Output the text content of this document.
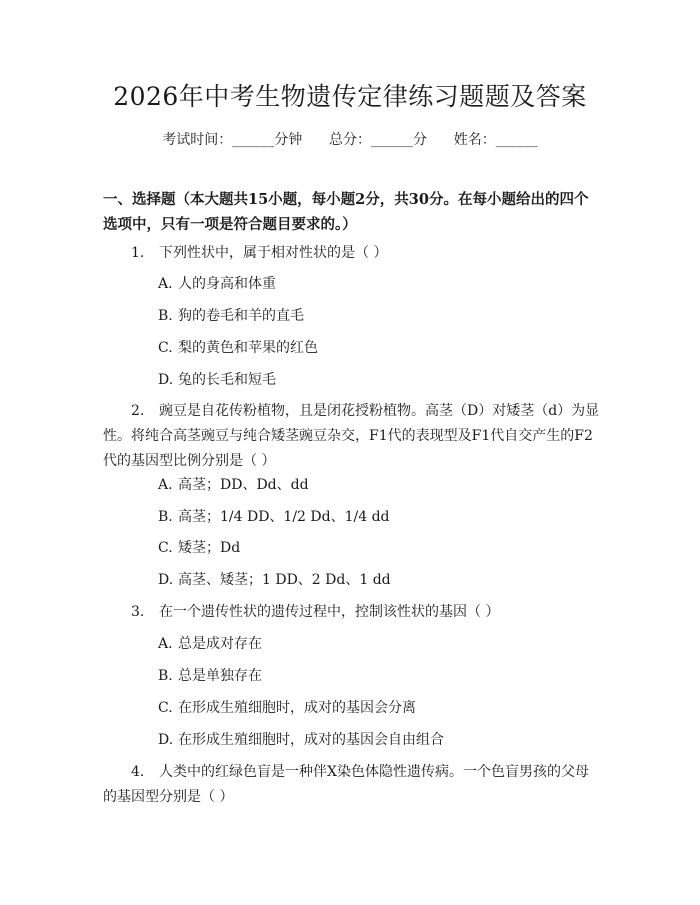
2026年中考生物遗传定律练习题题及答案
考试时间：______分钟 总分：______分 姓名：______
一、选择题（本大题共15小题，每小题2分，共30分。在每小题给出的四个选项中，只有一项是符合题目要求的。）
1. 下列性状中，属于相对性状的是（ ）
A. 人的身高和体重
B. 狗的卷毛和羊的直毛
C. 梨的黄色和苹果的红色
D. 兔的长毛和短毛
2. 豌豆是自花传粉植物，且是闭花授粉植物。高茎（D）对矮茎（d）为显性。将纯合高茎豌豆与纯合矮茎豌豆杂交，F1代的表现型及F1代自交产生的F2代的基因型比例分别是（ ）
A. 高茎；DD、Dd、dd
B. 高茎；1/4 DD、1/2 Dd、1/4 dd
C. 矮茎；Dd
D. 高茎、矮茎；1 DD、2 Dd、1 dd
3. 在一个遗传性状的遗传过程中，控制该性状的基因（ ）
A. 总是成对存在
B. 总是单独存在
C. 在形成生殖细胞时，成对的基因会分离
D. 在形成生殖细胞时，成对的基因会自由组合
4. 人类中的红绿色盲是一种伴X染色体隐性遗传病。一个色盲男孩的父母的基因型分别是（ ）
